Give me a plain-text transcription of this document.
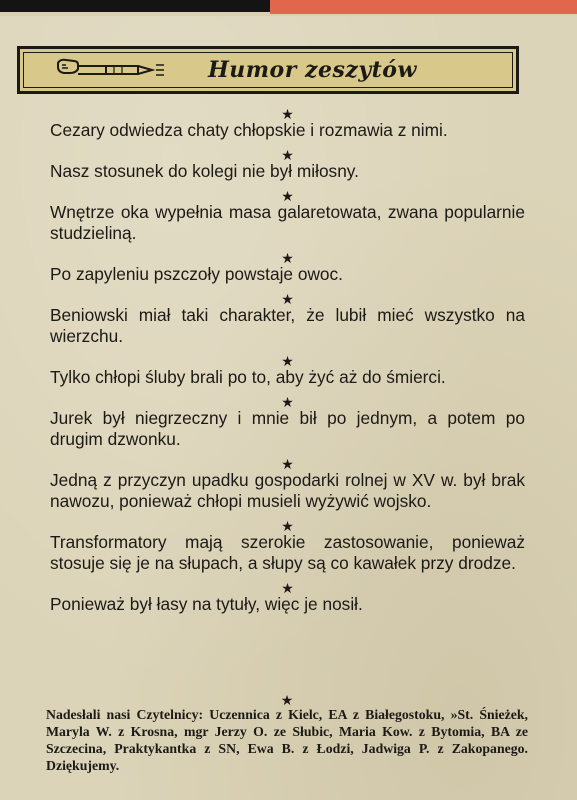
Humor zeszytów
★
Cezary odwiedza chaty chłopskie i rozmawia z nimi.
★
Nasz stosunek do kolegi nie był miłosny.
★
Wnętrze oka wypełnia masa galaretowata, zwana popularnie studzieliną.
★
Po zapyleniu pszczoły powstaje owoc.
★
Beniowski miał taki charakter, że lubił mieć wszystko na wierzchu.
★
Tylko chłopi śluby brali po to, aby żyć aż do śmierci.
★
Jurek był niegrzeczny i mnie bił po jednym, a potem po drugim dzwonku.
★
Jedną z przyczyn upadku gospodarki rolnej w XV w. był brak nawozu, ponieważ chłopi musieli wyżywić wojsko.
★
Transformatory mają szerokie zastosowanie, ponieważ stosuje się je na słupach, a słupy są co kawałek przy drodze.
★
Ponieważ był łasy na tytuły, więc je nosił.
★

Nadesłali nasi Czytelnicy: Uczennica z Kielc, EA z Białegostoku, »St. Śnieżek, Maryla W. z Krosna, mgr Jerzy O. ze Słubic, Maria Kow. z Bytomia, BA ze Szczecina, Praktykantka z SN, Ewa B. z Łodzi, Jadwiga P. z Zakopanego. Dziękujemy.
